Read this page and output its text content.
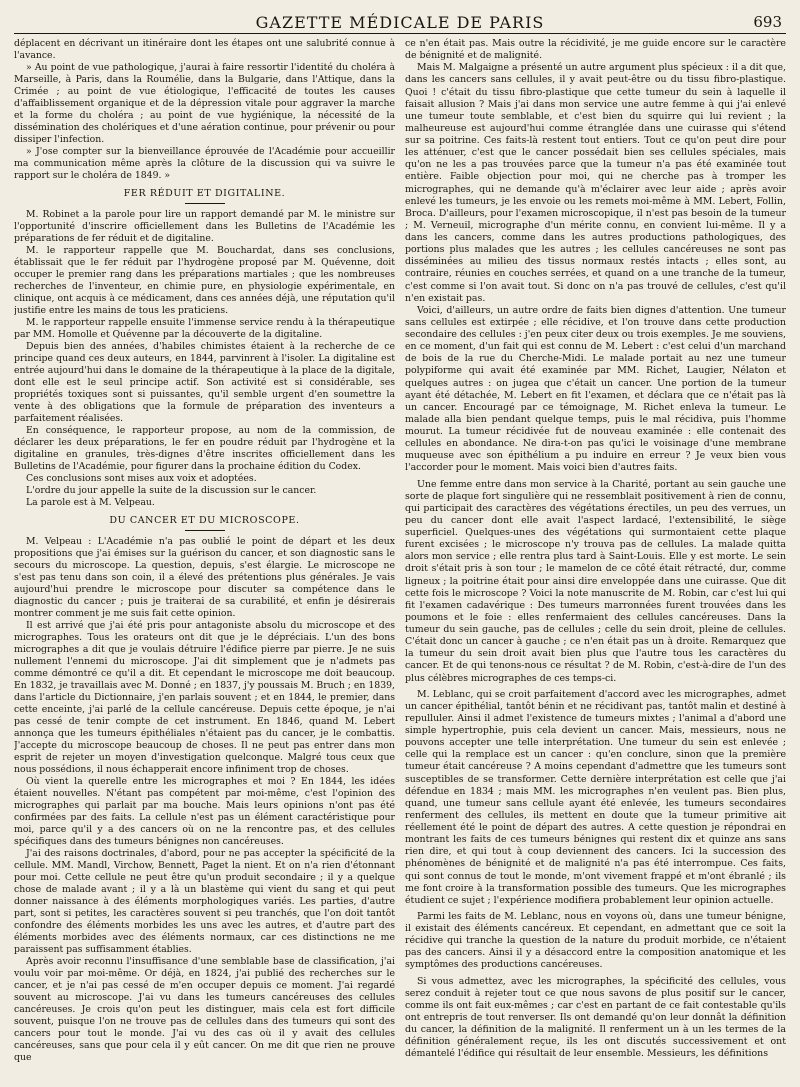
GAZETTE MÉDICALE DE PARIS	693

déplacent en décrivant un itinéraire dont les étapes ont une salubrité connue à l'avance.

» Au point de vue pathologique, j'aurai à faire ressortir l'identité du choléra à Marseille, à Paris, dans la Roumélie, dans la Bulgarie, dans l'Attique, dans la Crimée ; au point de vue étiologique, l'efficacité de toutes les causes d'affaiblissement organique et de la dépression vitale pour aggraver la marche et la forme du choléra ; au point de vue hygiénique, la nécessité de la dissémination des cholériques et d'une aération continue, pour prévenir ou pour dissiper l'infection.

» J'ose compter sur la bienveillance éprouvée de l'Académie pour accueillir ma communication même après la clôture de la discussion qui va suivre le rapport sur le choléra de 1849. »

FER RÉDUIT ET DIGITALINE.

M. Robinet a la parole pour lire un rapport demandé par M. le ministre sur l'opportunité d'inscrire officiellement dans les Bulletins de l'Académie les préparations de fer réduit et de digitaline.

M. le rapporteur rappelle que M. Bouchardat, dans ses conclusions, établissait que le fer réduit par l'hydrogène proposé par M. Quévenne, doit occuper le premier rang dans les préparations martiales ; que les nombreuses recherches de l'inventeur, en chimie pure, en physiologie expérimentale, en clinique, ont acquis à ce médicament, dans ces années déjà, une réputation qu'il justifie entre les mains de tous les praticiens.

M. le rapporteur rappelle ensuite l'immense service rendu à la thérapeutique par MM. Homolle et Quévenne par la découverte de la digitaline.

Depuis bien des années, d'habiles chimistes étaient à la recherche de ce principe quand ces deux auteurs, en 1844, parvinrent à l'isoler. La digitaline est entrée aujourd'hui dans le domaine de la thérapeutique à la place de la digitale, dont elle est le seul principe actif. Son activité est si considérable, ses propriétés toxiques sont si puissantes, qu'il semble urgent d'en soumettre la vente à des obligations que la formule de préparation des inventeurs a parfaitement réalisées.

En conséquence, le rapporteur propose, au nom de la commission, de déclarer les deux préparations, le fer en poudre réduit par l'hydrogène et la digitaline en granules, très-dignes d'être inscrites officiellement dans les Bulletins de l'Académie, pour figurer dans la prochaine édition du Codex.

Ces conclusions sont mises aux voix et adoptées.

L'ordre du jour appelle la suite de la discussion sur le cancer.

La parole est à M. Velpeau.

DU CANCER ET DU MICROSCOPE.

M. Velpeau : L'Académie n'a pas oublié le point de départ et les deux propositions que j'ai émises sur la guérison du cancer, et son diagnostic sans le secours du microscope. La question, depuis, s'est élargie. Le microscope ne s'est pas tenu dans son coin, il a élevé des prétentions plus générales. Je vais aujourd'hui prendre le microscope pour discuter sa compétence dans le diagnostic du cancer ; puis je traiterai de sa curabilité, et enfin je désirerais montrer comment je me suis fait cette opinion.

Il est arrivé que j'ai été pris pour antagoniste absolu du microscope et des micrographes. Tous les orateurs ont dit que je le dépréciais. L'un des bons micrographes a dit que je voulais détruire l'édifice pierre par pierre. Je ne suis nullement l'ennemi du microscope. J'ai dit simplement que je n'admets pas comme démontré ce qu'il a dit. Et cependant le microscope me doit beaucoup. En 1832, je travaillais avec M. Donné ; en 1837, j'y poussais M. Bruch ; en 1839, dans l'article du Dictionnaire, j'en parlais souvent ; et en 1844, le premier, dans cette enceinte, j'ai parlé de la cellule cancéreuse. Depuis cette époque, je n'ai pas cessé de tenir compte de cet instrument. En 1846, quand M. Lebert annonça que les tumeurs épithéliales n'étaient pas du cancer, je le combattis. J'accepte du microscope beaucoup de choses. Il ne peut pas entrer dans mon esprit de rejeter un moyen d'investigation quelconque. Malgré tous ceux que nous possédions, il nous échapperait encore infiniment trop de choses.

Où vient la querelle entre les micrographes et moi ? En 1844, les idées étaient nouvelles. N'étant pas compétent par moi-même, c'est l'opinion des micrographes qui parlait par ma bouche. Mais leurs opinions n'ont pas été confirmées par des faits. La cellule n'est pas un élément caractéristique pour moi, parce qu'il y a des cancers où on ne la rencontre pas, et des cellules spécifiques dans des tumeurs bénignes non cancéreuses.

J'ai des raisons doctrinales, d'abord, pour ne pas accepter la spécificité de la cellule. MM. Mandl, Virchow, Bennett, Paget la nient. Et on n'a rien d'étonnant pour moi. Cette cellule ne peut être qu'un produit secondaire ; il y a quelque chose de malade avant ; il y a là un blastème qui vient du sang et qui peut donner naissance à des éléments morphologiques variés. Les parties, d'autre part, sont si petites, les caractères souvent si peu tranchés, que l'on doit tantôt confondre des éléments morbides les uns avec les autres, et d'autre part des éléments morbides avec des éléments normaux, car ces distinctions ne me paraissent pas suffisamment établies.

Après avoir reconnu l'insuffisance d'une semblable base de classification, j'ai voulu voir par moi-même. Or déjà, en 1824, j'ai publié des recherches sur le cancer, et je n'ai pas cessé de m'en occuper depuis ce moment. J'ai regardé souvent au microscope. J'ai vu dans les tumeurs cancéreuses des cellules cancéreuses. Je crois qu'on peut les distinguer, mais cela est fort difficile souvent, puisque l'on ne trouve pas de cellules dans des tumeurs qui sont des cancers pour tout le monde. J'ai vu des cas où il y avait des cellules cancéreuses, sans que pour cela il y eût cancer. On me dit que rien ne prouve que

ce n'en était pas. Mais outre la récidivité, je me guide encore sur le caractère de bénignité et de malignité.

Mais M. Malgaigne a présenté un autre argument plus spécieux : il a dit que, dans les cancers sans cellules, il y avait peut-être ou du tissu fibro-plastique. Quoi ! c'était du tissu fibro-plastique que cette tumeur du sein à laquelle il faisait allusion ? Mais j'ai dans mon service une autre femme à qui j'ai enlevé une tumeur toute semblable, et c'est bien du squirre qui lui revient ; la malheureuse est aujourd'hui comme étranglée dans une cuirasse qui s'étend sur sa poitrine. Ces faits-là restent tout entiers. Tout ce qu'on peut dire pour les atténuer, c'est que le cancer possédait bien ses cellules spéciales, mais qu'on ne les a pas trouvées parce que la tumeur n'a pas été examinée tout entière. Faible objection pour moi, qui ne cherche pas à tromper les micrographes, qui ne demande qu'à m'éclairer avec leur aide ; après avoir enlevé les tumeurs, je les envoie ou les remets moi-même à MM. Lebert, Follin, Broca. D'ailleurs, pour l'examen microscopique, il n'est pas besoin de la tumeur ; M. Verneuil, micrographe d'un mérite connu, en convient lui-même. Il y a dans les cancers, comme dans les autres productions pathologiques, des portions plus malades que les autres ; les cellules cancéreuses ne sont pas disséminées au milieu des tissus normaux restés intacts ; elles sont, au contraire, réunies en couches serrées, et quand on a une tranche de la tumeur, c'est comme si l'on avait tout. Si donc on n'a pas trouvé de cellules, c'est qu'il n'en existait pas.

Voici, d'ailleurs, un autre ordre de faits bien dignes d'attention. Une tumeur sans cellules est extirpée ; elle récidive, et l'on trouve dans cette production secondaire des cellules : j'en peux citer deux ou trois exemples. Je me souviens, en ce moment, d'un fait qui est connu de M. Lebert : c'est celui d'un marchand de bois de la rue du Cherche-Midi. Le malade portait au nez une tumeur polypiforme qui avait été examinée par MM. Richet, Laugier, Nélaton et quelques autres : on jugea que c'était un cancer. Une portion de la tumeur ayant été détachée, M. Lebert en fit l'examen, et déclara que ce n'était pas là un cancer. Encouragé par ce témoignage, M. Richet enleva la tumeur. Le malade alla bien pendant quelque temps, puis le mal récidiva, puis l'homme mourut. La tumeur récidivée fut de nouveau examinée : elle contenait des cellules en abondance. Ne dira-t-on pas qu'ici le voisinage d'une membrane muqueuse avec son épithélium a pu induire en erreur ? Je veux bien vous l'accorder pour le moment. Mais voici bien d'autres faits.

Une femme entre dans mon service à la Charité, portant au sein gauche une sorte de plaque fort singulière qui ne ressemblait positivement à rien de connu, qui participait des caractères des végétations érectiles, un peu des verrues, un peu du cancer dont elle avait l'aspect lardacé, l'extensibilité, le siège superficiel. Quelques-unes des végétations qui surmontaient cette plaque furent excisées ; le microscope n'y trouva pas de cellules. La malade quitta alors mon service ; elle rentra plus tard à Saint-Louis. Elle y est morte. Le sein droit s'était pris à son tour ; le mamelon de ce côté était rétracté, dur, comme ligneux ; la poitrine était pour ainsi dire enveloppée dans une cuirasse. Que dit cette fois le microscope ? Voici la note manuscrite de M. Robin, car c'est lui qui fit l'examen cadavérique : Des tumeurs marronnées furent trouvées dans les poumons et le foie : elles renfermaient des cellules cancéreuses. Dans la tumeur du sein gauche, pas de cellules ; celle du sein droit, pleine de cellules. C'était donc un cancer à gauche ; ce n'en était pas un à droite. Remarquez que la tumeur du sein droit avait bien plus que l'autre tous les caractères du cancer. Et de qui tenons-nous ce résultat ? de M. Robin, c'est-à-dire de l'un des plus célèbres micrographes de ces temps-ci.

M. Leblanc, qui se croit parfaitement d'accord avec les micrographes, admet un cancer épithélial, tantôt bénin et ne récidivant pas, tantôt malin et destiné à repulluler. Ainsi il admet l'existence de tumeurs mixtes ; l'animal a d'abord une simple hypertrophie, puis cela devient un cancer. Mais, messieurs, nous ne pouvons accepter une telle interprétation. Une tumeur du sein est enlevée ; celle qui la remplace est un cancer : qu'en conclure, sinon que la première tumeur était cancéreuse ? A moins cependant d'admettre que les tumeurs sont susceptibles de se transformer. Cette dernière interprétation est celle que j'ai défendue en 1834 ; mais MM. les micrographes n'en veulent pas. Bien plus, quand, une tumeur sans cellule ayant été enlevée, les tumeurs secondaires renferment des cellules, ils mettent en doute que la tumeur primitive ait réellement été le point de départ des autres. A cette question je répondrai en montrant les faits de ces tumeurs bénignes qui restent dix et quinze ans sans rien dire, et qui tout à coup deviennent des cancers. Ici la succession des phénomènes de bénignité et de malignité n'a pas été interrompue. Ces faits, qui sont connus de tout le monde, m'ont vivement frappé et m'ont ébranlé ; ils me font croire à la transformation possible des tumeurs. Que les micrographes étudient ce sujet ; l'expérience modifiera probablement leur opinion actuelle.

Parmi les faits de M. Leblanc, nous en voyons où, dans une tumeur bénigne, il existait des éléments cancéreux. Et cependant, en admettant que ce soit la récidive qui tranche la question de la nature du produit morbide, ce n'étaient pas des cancers. Ainsi il y a désaccord entre la composition anatomique et les symptômes des productions cancéreuses.

Si vous admettez, avec les micrographes, la spécificité des cellules, vous serez conduit à rejeter tout ce que nous savons de plus positif sur le cancer, comme ils ont fait eux-mêmes ; car c'est en partant de ce fait contestable qu'ils ont entrepris de tout renverser. Ils ont demandé qu'on leur donnât la définition du cancer, la définition de la malignité. Il renferment un à un les termes de la définition généralement reçue, ils les ont discutés successivement et ont démantelé l'édifice qui résultait de leur ensemble. Messieurs, les définitions
